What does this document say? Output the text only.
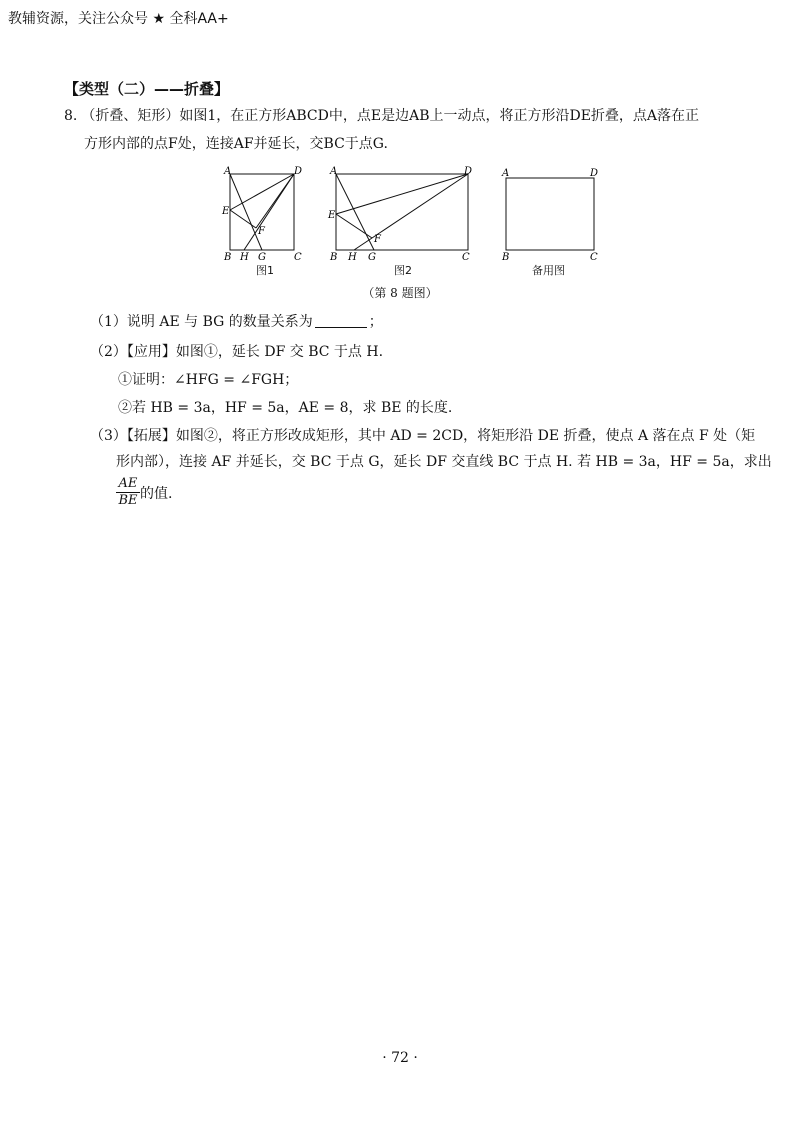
教辅资源，关注公众号 ★ 全科AA+
【类型（二）——折叠】
8. （折叠、矩形）如图1，在正方形ABCD中，点E是边AB上一动点，将正方形沿DE折叠，点A落在正
方形内部的点F处，连接AF并延长，交BC于点G.
A	D
E
F
B H G	C
图1
A	D
E
F
B H G	C
图2
A	D
B	C
备用图
（第 8 题图）
（1）说明 AE 与 BG 的数量关系为	；
（2）【应用】如图①，延长 DF 交 BC 于点 H.
①证明：∠HFG = ∠FGH；
②若 HB = 3a，HF = 5a，AE = 8，求 BE 的长度.
（3）【拓展】如图②，将正方形改成矩形，其中 AD = 2CD，将矩形沿 DE 折叠，使点 A 落在点 F 处（矩
形内部），连接 AF 并延长，交 BC 于点 G，延长 DF 交直线 BC 于点 H. 若 HB = 3a，HF = 5a，求出
$\frac{AE}{BE}$ 的值.
· 72 ·
